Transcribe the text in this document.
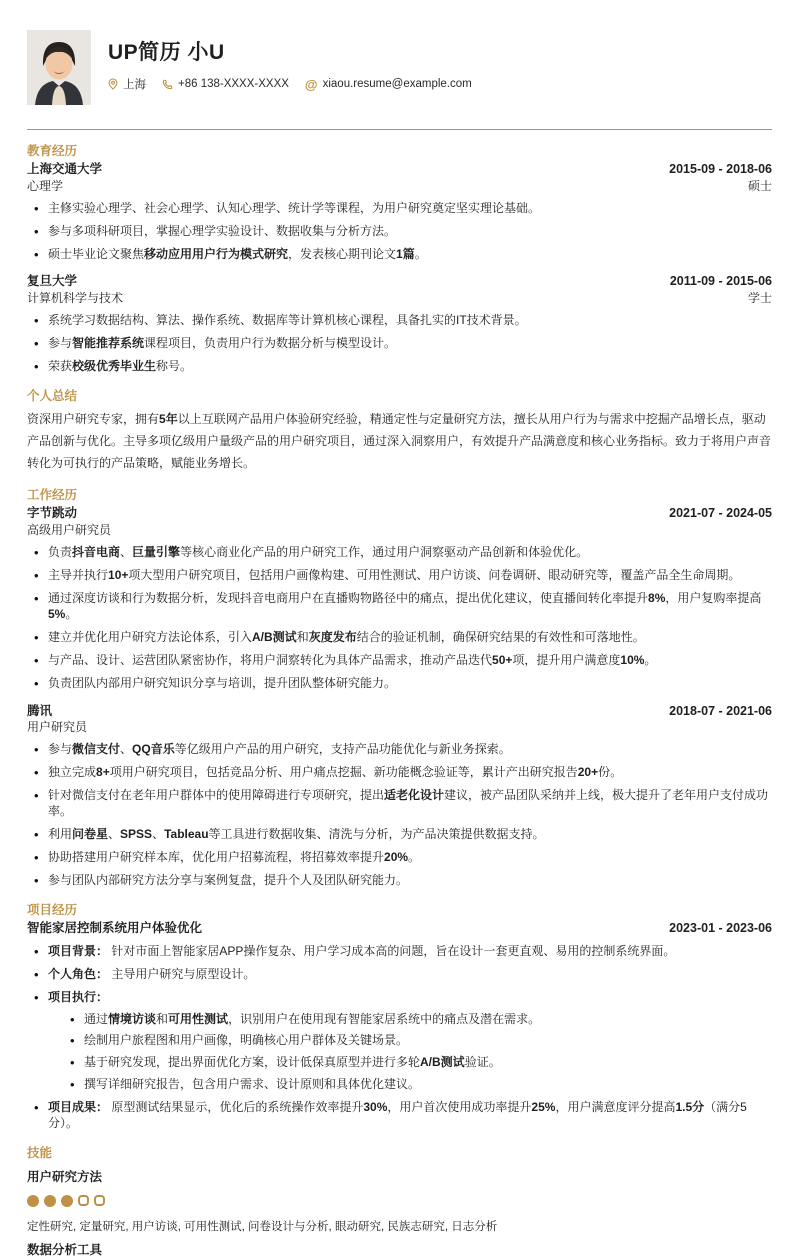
UP简历 小U
上海	+86 138-XXXX-XXXX @ xiaou.resume@example.com
教育经历
上海交通大学	2015-09 - 2018-06
心理学	硕士
• 主修实验心理学、社会心理学、认知心理学、统计学等课程，为用户研究奠定坚实理论基础。
• 参与多项科研项目，掌握心理学实验设计、数据收集与分析方法。
• 硕士毕业论文聚焦移动应用用户行为模式研究，发表核心期刊论文1篇。
复旦大学	2011-09 - 2015-06
计算机科学与技术	学士
• 系统学习数据结构、算法、操作系统、数据库等计算机核心课程，具备扎实的IT技术背景。
• 参与智能推荐系统课程项目，负责用户行为数据分析与模型设计。
• 荣获校级优秀毕业生称号。
个人总结

资深用户研究专家，拥有5年以上互联网产品用户体验研究经验，精通定性与定量研究方法，擅长从用户行为与需求中挖掘产品增长点，驱动产品创新与优化。主导多项亿级用户量级产品的用户研究项目，通过深入洞察用户，有效提升产品满意度和核心业务指标。致力于将用户声音转化为可执行的产品策略，赋能业务增长。

工作经历
字节跳动	2021-07 - 2024-05
高级用户研究员
• 负责抖音电商、巨量引擎等核心商业化产品的用户研究工作，通过用户洞察驱动产品创新和体验优化。
• 主导并执行10+项大型用户研究项目，包括用户画像构建、可用性测试、用户访谈、问卷调研、眼动研究等，覆盖产品全生命周期。
• 通过深度访谈和行为数据分析，发现抖音电商用户在直播购物路径中的痛点，提出优化建议，使直播间转化率提升8%，用户复购率提高5%。
• 建立并优化用户研究方法论体系，引入A/B测试和灰度发布结合的验证机制，确保研究结果的有效性和可落地性。
• 与产品、设计、运营团队紧密协作，将用户洞察转化为具体产品需求，推动产品迭代50+项，提升用户满意度10%。
• 负责团队内部用户研究知识分享与培训，提升团队整体研究能力。
腾讯	2018-07 - 2021-06
用户研究员
• 参与微信支付、QQ音乐等亿级用户产品的用户研究，支持产品功能优化与新业务探索。
• 独立完成8+项用户研究项目，包括竞品分析、用户痛点挖掘、新功能概念验证等，累计产出研究报告20+份。
• 针对微信支付在老年用户群体中的使用障碍进行专项研究，提出适老化设计建议，被产品团队采纳并上线，极大提升了老年用户支付成功率。
• 利用问卷星、SPSS、Tableau等工具进行数据收集、清洗与分析，为产品决策提供数据支持。
• 协助搭建用户研究样本库，优化用户招募流程，将招募效率提升20%。
• 参与团队内部研究方法分享与案例复盘，提升个人及团队研究能力。
项目经历
智能家居控制系统用户体验优化	2023-01 - 2023-06
• 项目背景： 针对市面上智能家居APP操作复杂、用户学习成本高的问题，旨在设计一套更直观、易用的控制系统界面。
• 个人角色： 主导用户研究与原型设计。
• 项目执行：
• 通过情境访谈和可用性测试，识别用户在使用现有智能家居系统中的痛点及潜在需求。
• 绘制用户旅程图和用户画像，明确核心用户群体及关键场景。
• 基于研究发现，提出界面优化方案，设计低保真原型并进行多轮A/B测试验证。
• 撰写详细研究报告，包含用户需求、设计原则和具体优化建议。
• 项目成果： 原型测试结果显示，优化后的系统操作效率提升30%，用户首次使用成功率提升25%，用户满意度评分提高1.5分（满分5分）。
技能
用户研究方法
定性研究, 定量研究, 用户访谈, 可用性测试, 问卷设计与分析, 眼动研究, 民族志研究, 日志分析
数据分析工具
